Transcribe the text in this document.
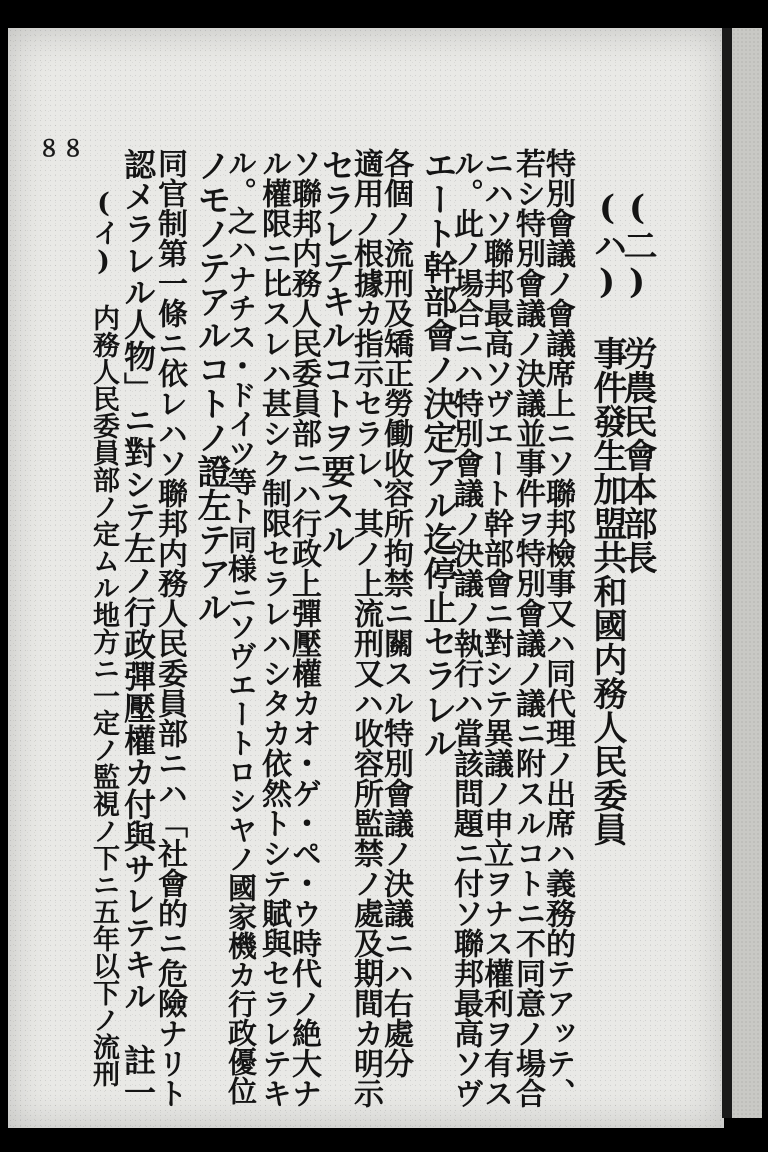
８８
(二)　労農民會本部長
(ハ)　事件發生加盟共和國内務人民委員
特別會議ノ會議席上ニソ聯邦檢事又ハ同代理ノ出席ハ義務的テアッテ、
若シ特別會議ノ決議並事件ヲ特別會議ノ議ニ附スルコトニ不同意ノ場合
ニハソ聯邦最高ソヴエート幹部會ニ對シテ異議ノ申立ヲナス權利ヲ有ス
ル。此ノ場合ニハ特別會議ノ決議ノ執行ハ當該問題ニ付ソ聯邦最高ソヴ
エート幹部會ノ決定アル迄停止セラレル
各個ノ流刑及矯正勞働收容所拘禁ニ關スル特別會議ノ決議ニハ右處分
適用ノ根據カ指示セラレ、其ノ上流刑又ハ收容所監禁ノ處及期間カ明示
セラレテキルコトヲ要スル
ソ聯邦内務人民委員部ニハ行政上彈壓權カオ・ゲ・ペ・ウ時代ノ絶大ナ
ル權限ニ比スレハ甚シク制限セラレハシタカ依然トシテ賦與セラレテキ
ル。之ハナチス・ドイツ等ト同様ニソヴエートロシヤノ國家機カ行政優位
ノモノテアルコトノ證左テアル
同官制第一條ニ依レハソ聯邦内務人民委員部ニハ「社會的ニ危險ナリト
認メラレル人物」ニ對シテ左ノ行政彈壓權カ付與サレテキル　註一
(イ)　内務人民委員部ノ定ムル地方ニ一定ノ監視ノ下ニ五年以下ノ流刑
